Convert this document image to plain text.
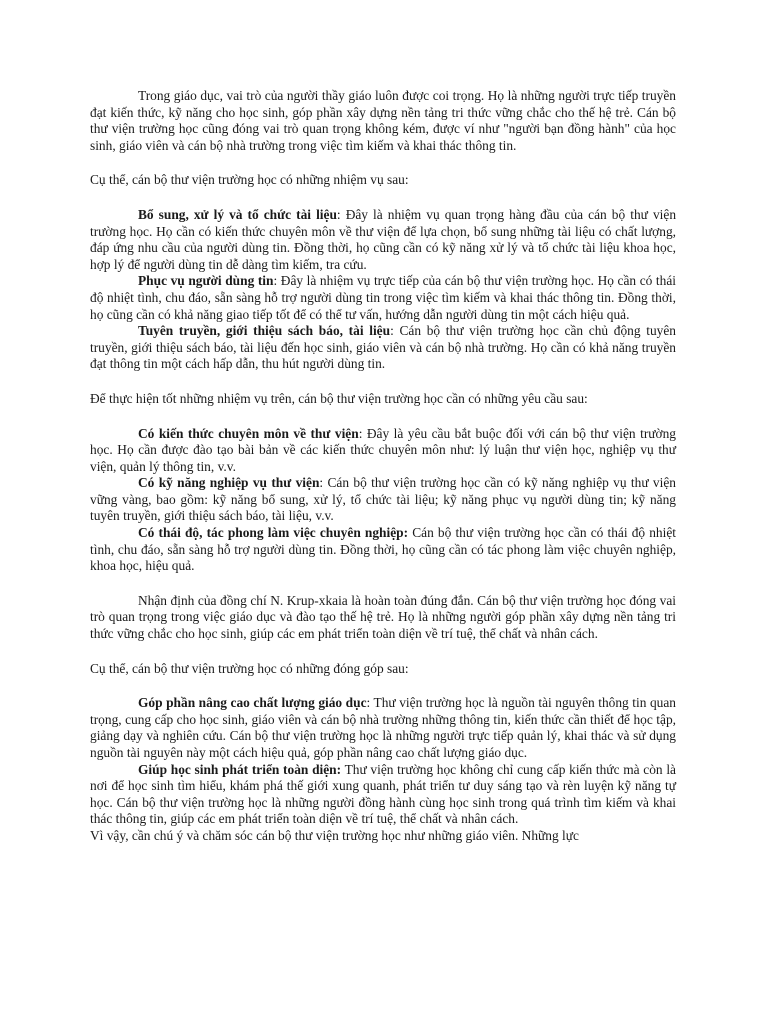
Trong giáo dục, vai trò của người thầy giáo luôn được coi trọng. Họ là những người trực tiếp truyền đạt kiến thức, kỹ năng cho học sinh, góp phần xây dựng nền tảng tri thức vững chắc cho thế hệ trẻ. Cán bộ thư viện trường học cũng đóng vai trò quan trọng không kém, được ví như "người bạn đồng hành" của học sinh, giáo viên và cán bộ nhà trường trong việc tìm kiếm và khai thác thông tin.

Cụ thể, cán bộ thư viện trường học có những nhiệm vụ sau:

Bổ sung, xử lý và tổ chức tài liệu: Đây là nhiệm vụ quan trọng hàng đầu của cán bộ thư viện trường học. Họ cần có kiến thức chuyên môn về thư viện để lựa chọn, bổ sung những tài liệu có chất lượng, đáp ứng nhu cầu của người dùng tin. Đồng thời, họ cũng cần có kỹ năng xử lý và tổ chức tài liệu khoa học, hợp lý để người dùng tin dễ dàng tìm kiếm, tra cứu.

Phục vụ người dùng tin: Đây là nhiệm vụ trực tiếp của cán bộ thư viện trường học. Họ cần có thái độ nhiệt tình, chu đáo, sẵn sàng hỗ trợ người dùng tin trong việc tìm kiếm và khai thác thông tin. Đồng thời, họ cũng cần có khả năng giao tiếp tốt để có thể tư vấn, hướng dẫn người dùng tin một cách hiệu quả.

Tuyên truyền, giới thiệu sách báo, tài liệu: Cán bộ thư viện trường học cần chủ động tuyên truyền, giới thiệu sách báo, tài liệu đến học sinh, giáo viên và cán bộ nhà trường. Họ cần có khả năng truyền đạt thông tin một cách hấp dẫn, thu hút người dùng tin.

Để thực hiện tốt những nhiệm vụ trên, cán bộ thư viện trường học cần có những yêu cầu sau:

Có kiến thức chuyên môn về thư viện: Đây là yêu cầu bắt buộc đối với cán bộ thư viện trường học. Họ cần được đào tạo bài bản về các kiến thức chuyên môn như: lý luận thư viện học, nghiệp vụ thư viện, quản lý thông tin, v.v.

Có kỹ năng nghiệp vụ thư viện: Cán bộ thư viện trường học cần có kỹ năng nghiệp vụ thư viện vững vàng, bao gồm: kỹ năng bổ sung, xử lý, tổ chức tài liệu; kỹ năng phục vụ người dùng tin; kỹ năng tuyên truyền, giới thiệu sách báo, tài liệu, v.v.

Có thái độ, tác phong làm việc chuyên nghiệp: Cán bộ thư viện trường học cần có thái độ nhiệt tình, chu đáo, sẵn sàng hỗ trợ người dùng tin. Đồng thời, họ cũng cần có tác phong làm việc chuyên nghiệp, khoa học, hiệu quả.

Nhận định của đồng chí N. Krup-xkaia là hoàn toàn đúng đắn. Cán bộ thư viện trường học đóng vai trò quan trọng trong việc giáo dục và đào tạo thế hệ trẻ. Họ là những người góp phần xây dựng nền tảng tri thức vững chắc cho học sinh, giúp các em phát triển toàn diện về trí tuệ, thể chất và nhân cách.

Cụ thể, cán bộ thư viện trường học có những đóng góp sau:

Góp phần nâng cao chất lượng giáo dục: Thư viện trường học là nguồn tài nguyên thông tin quan trọng, cung cấp cho học sinh, giáo viên và cán bộ nhà trường những thông tin, kiến thức cần thiết để học tập, giảng dạy và nghiên cứu. Cán bộ thư viện trường học là những người trực tiếp quản lý, khai thác và sử dụng nguồn tài nguyên này một cách hiệu quả, góp phần nâng cao chất lượng giáo dục.

Giúp học sinh phát triển toàn diện: Thư viện trường học không chỉ cung cấp kiến thức mà còn là nơi để học sinh tìm hiểu, khám phá thế giới xung quanh, phát triển tư duy sáng tạo và rèn luyện kỹ năng tự học. Cán bộ thư viện trường học là những người đồng hành cùng học sinh trong quá trình tìm kiếm và khai thác thông tin, giúp các em phát triển toàn diện về trí tuệ, thể chất và nhân cách.

Vì vậy, cần chú ý và chăm sóc cán bộ thư viện trường học như những giáo viên. Những lực
